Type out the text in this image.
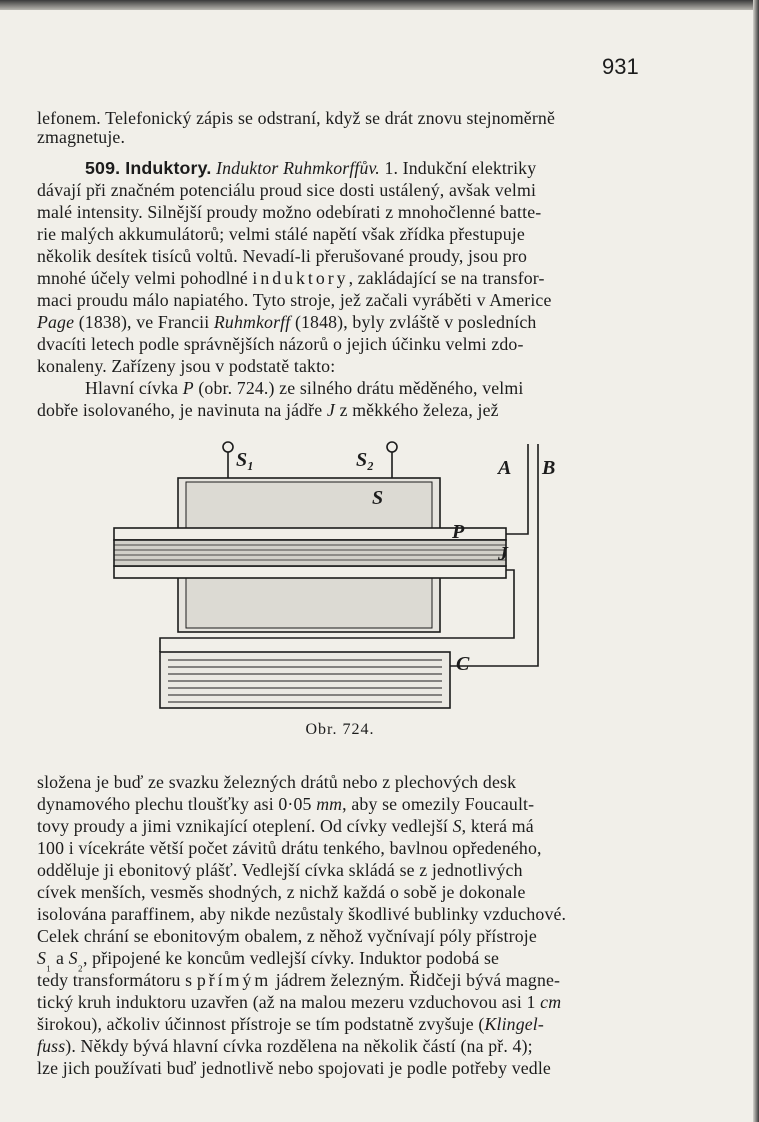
931
lefonem. Telefonický zápis se odstraní, když se drát znovu stejnoměrně
zmagnetuje.
509. Induktory. Induktor Ruhmkorffův. 1. Indukční elektriky
dávají při značném potenciálu proud sice dosti ustálený, avšak velmi
malé intensity. Silnější proudy možno odebírati z mnohočlenné batte-
rie malých akkumulátorů; velmi stálé napětí však zřídka přestupuje
několik desítek tisíců voltů. Nevadí-li přerušované proudy, jsou pro
mnohé účely velmi pohodlné induktory, zakládající se na transfor-
maci proudu málo napiatého. Tyto stroje, jež začali vyráběti v Americe
Page (1838), ve Francii Ruhmkorff (1848), byly zvláště v posledních
dvacíti letech podle správnějších názorů o jejich účinku velmi zdo-
konaleny. Zařízeny jsou v podstatě takto:
Hlavní cívka P (obr. 724.) ze silného drátu měděného, velmi
dobře isolovaného, je navinuta na jádře J z měkkého železa, jež
S₁	S₂
S
P
J
A B
C
Obr. 724.
složena je buď ze svazku železných drátů nebo z plechových desk
dynamového plechu tloušťky asi 0·05 mm, aby se omezily Foucault-
tovy proudy a jimi vznikající oteplení. Od cívky vedlejší S, která má
100 i vícekráte větší počet závitů drátu tenkého, bavlnou opředeného,
odděluje ji ebonitový plášť. Vedlejší cívka skládá se z jednotlivých
cívek menších, vesměs shodných, z nichž každá o sobě je dokonale
isolována paraffinem, aby nikde nezůstaly škodlivé bublinky vzduchové.
Celek chrání se ebonitovým obalem, z něhož vyčnívají póly přístroje
$S_{_1}$ a $S_{_2}$, připojené ke koncům vedlejší cívky. Induktor podobá se
tedy transformátoru s přímým jádrem železným. Řidčeji bývá magne-
tický kruh induktoru uzavřen (až na malou mezeru vzduchovou asi 1 cm
širokou), ačkoliv účinnost přístroje se tím podstatně zvyšuje (Klingel-
fuss). Někdy bývá hlavní cívka rozdělena na několik částí (na př. 4);
lze jich používati buď jednotlivě nebo spojovati je podle potřeby vedle
